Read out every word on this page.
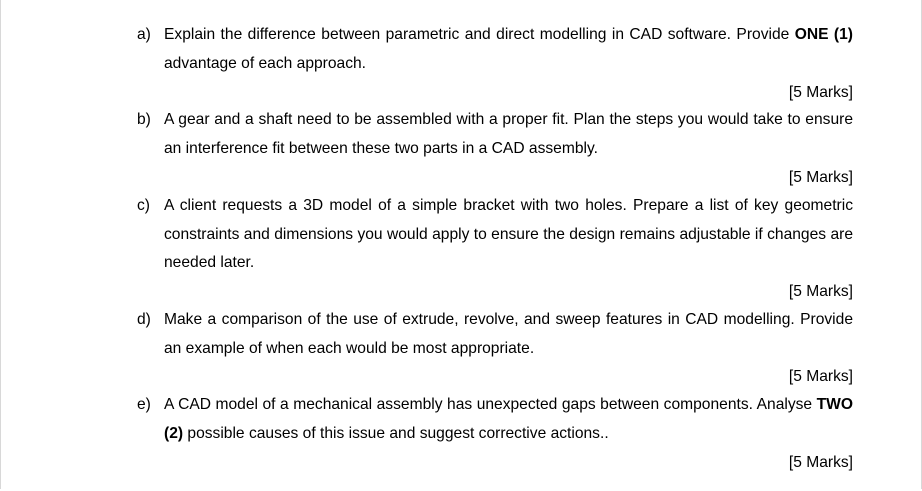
a) Explain the difference between parametric and direct modelling in CAD software. Provide ONE (1) advantage of each approach.
[5 Marks]
b) A gear and a shaft need to be assembled with a proper fit. Plan the steps you would take to ensure an interference fit between these two parts in a CAD assembly.
[5 Marks]
c) A client requests a 3D model of a simple bracket with two holes. Prepare a list of key geometric constraints and dimensions you would apply to ensure the design remains adjustable if changes are needed later.
[5 Marks]
d) Make a comparison of the use of extrude, revolve, and sweep features in CAD modelling. Provide an example of when each would be most appropriate.
[5 Marks]
e) A CAD model of a mechanical assembly has unexpected gaps between components. Analyse TWO (2) possible causes of this issue and suggest corrective actions..
[5 Marks]
